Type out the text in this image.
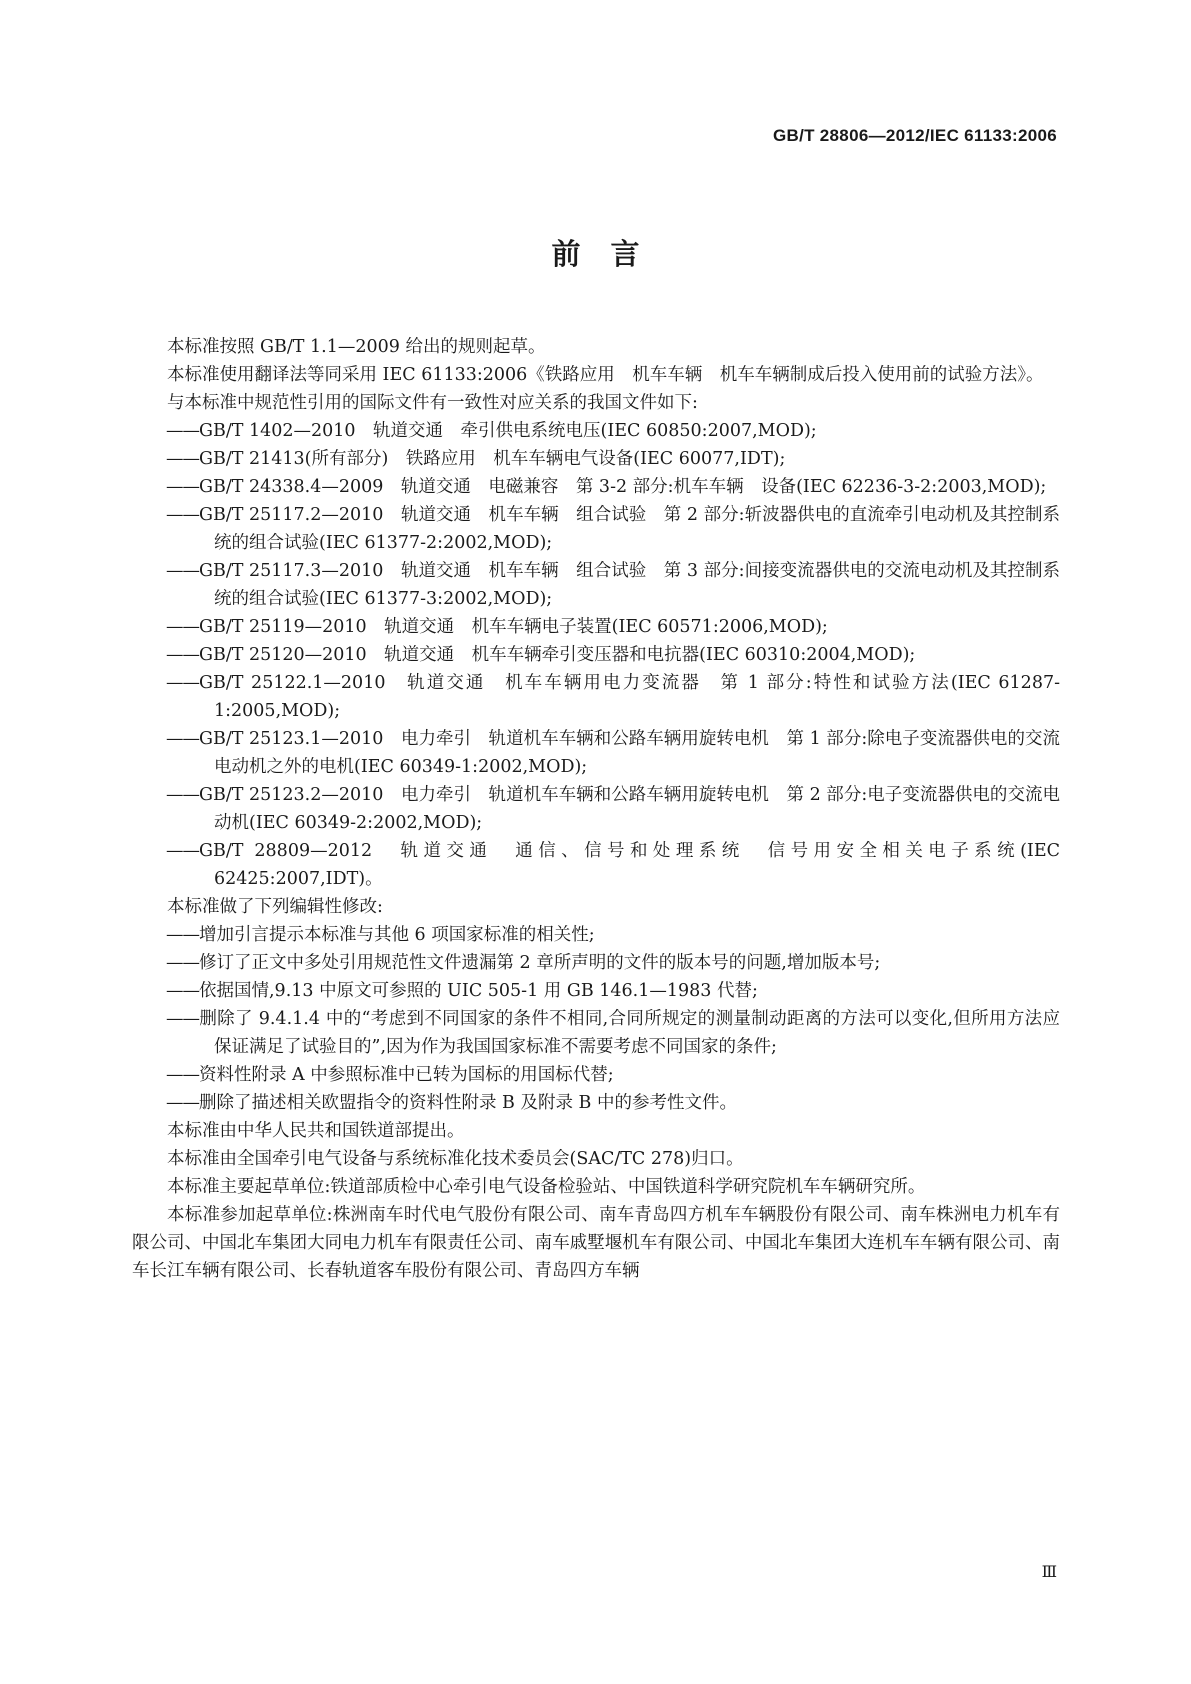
GB/T 28806—2012/IEC 61133:2006
前言

本标准按照 GB/T 1.1—2009 给出的规则起草。

本标准使用翻译法等同采用 IEC 61133:2006《铁路应用　机车车辆　机车车辆制成后投入使用前的试验方法》。

与本标准中规范性引用的国际文件有一致性对应关系的我国文件如下:

——GB/T 1402—2010　轨道交通　牵引供电系统电压(IEC 60850:2007,MOD);

——GB/T 21413(所有部分)　铁路应用　机车车辆电气设备(IEC 60077,IDT);

——GB/T 24338.4—2009　轨道交通　电磁兼容　第 3-2 部分:机车车辆　设备(IEC 62236-3-2:2003,MOD);

——GB/T 25117.2—2010　轨道交通　机车车辆　组合试验　第 2 部分:斩波器供电的直流牵引电动机及其控制系统的组合试验(IEC 61377-2:2002,MOD);

——GB/T 25117.3—2010　轨道交通　机车车辆　组合试验　第 3 部分:间接变流器供电的交流电动机及其控制系统的组合试验(IEC 61377-3:2002,MOD);

——GB/T 25119—2010　轨道交通　机车车辆电子装置(IEC 60571:2006,MOD);

——GB/T 25120—2010　轨道交通　机车车辆牵引变压器和电抗器(IEC 60310:2004,MOD);

——GB/T 25122.1—2010　轨道交通　机车车辆用电力变流器　第 1 部分:特性和试验方法(IEC 61287-1:2005,MOD);

——GB/T 25123.1—2010　电力牵引　轨道机车车辆和公路车辆用旋转电机　第 1 部分:除电子变流器供电的交流电动机之外的电机(IEC 60349-1:2002,MOD);

——GB/T 25123.2—2010　电力牵引　轨道机车车辆和公路车辆用旋转电机　第 2 部分:电子变流器供电的交流电动机(IEC 60349-2:2002,MOD);

——GB/T 28809—2012　轨道交通　通信、信号和处理系统　信号用安全相关电子系统(IEC 62425:2007,IDT)。

本标准做了下列编辑性修改:

——增加引言提示本标准与其他 6 项国家标准的相关性;

——修订了正文中多处引用规范性文件遗漏第 2 章所声明的文件的版本号的问题,增加版本号;

——依据国情,9.13 中原文可参照的 UIC 505-1 用 GB 146.1—1983 代替;

——删除了 9.4.1.4 中的“考虑到不同国家的条件不相同,合同所规定的测量制动距离的方法可以变化,但所用方法应保证满足了试验目的”,因为作为我国国家标准不需要考虑不同国家的条件;

——资料性附录 A 中参照标准中已转为国标的用国标代替;

——删除了描述相关欧盟指令的资料性附录 B 及附录 B 中的参考性文件。

本标准由中华人民共和国铁道部提出。

本标准由全国牵引电气设备与系统标准化技术委员会(SAC/TC 278)归口。

本标准主要起草单位:铁道部质检中心牵引电气设备检验站、中国铁道科学研究院机车车辆研究所。

本标准参加起草单位:株洲南车时代电气股份有限公司、南车青岛四方机车车辆股份有限公司、南车株洲电力机车有限公司、中国北车集团大同电力机车有限责任公司、南车戚墅堰机车有限公司、中国北车集团大连机车车辆有限公司、南车长江车辆有限公司、长春轨道客车股份有限公司、青岛四方车辆

Ⅲ
